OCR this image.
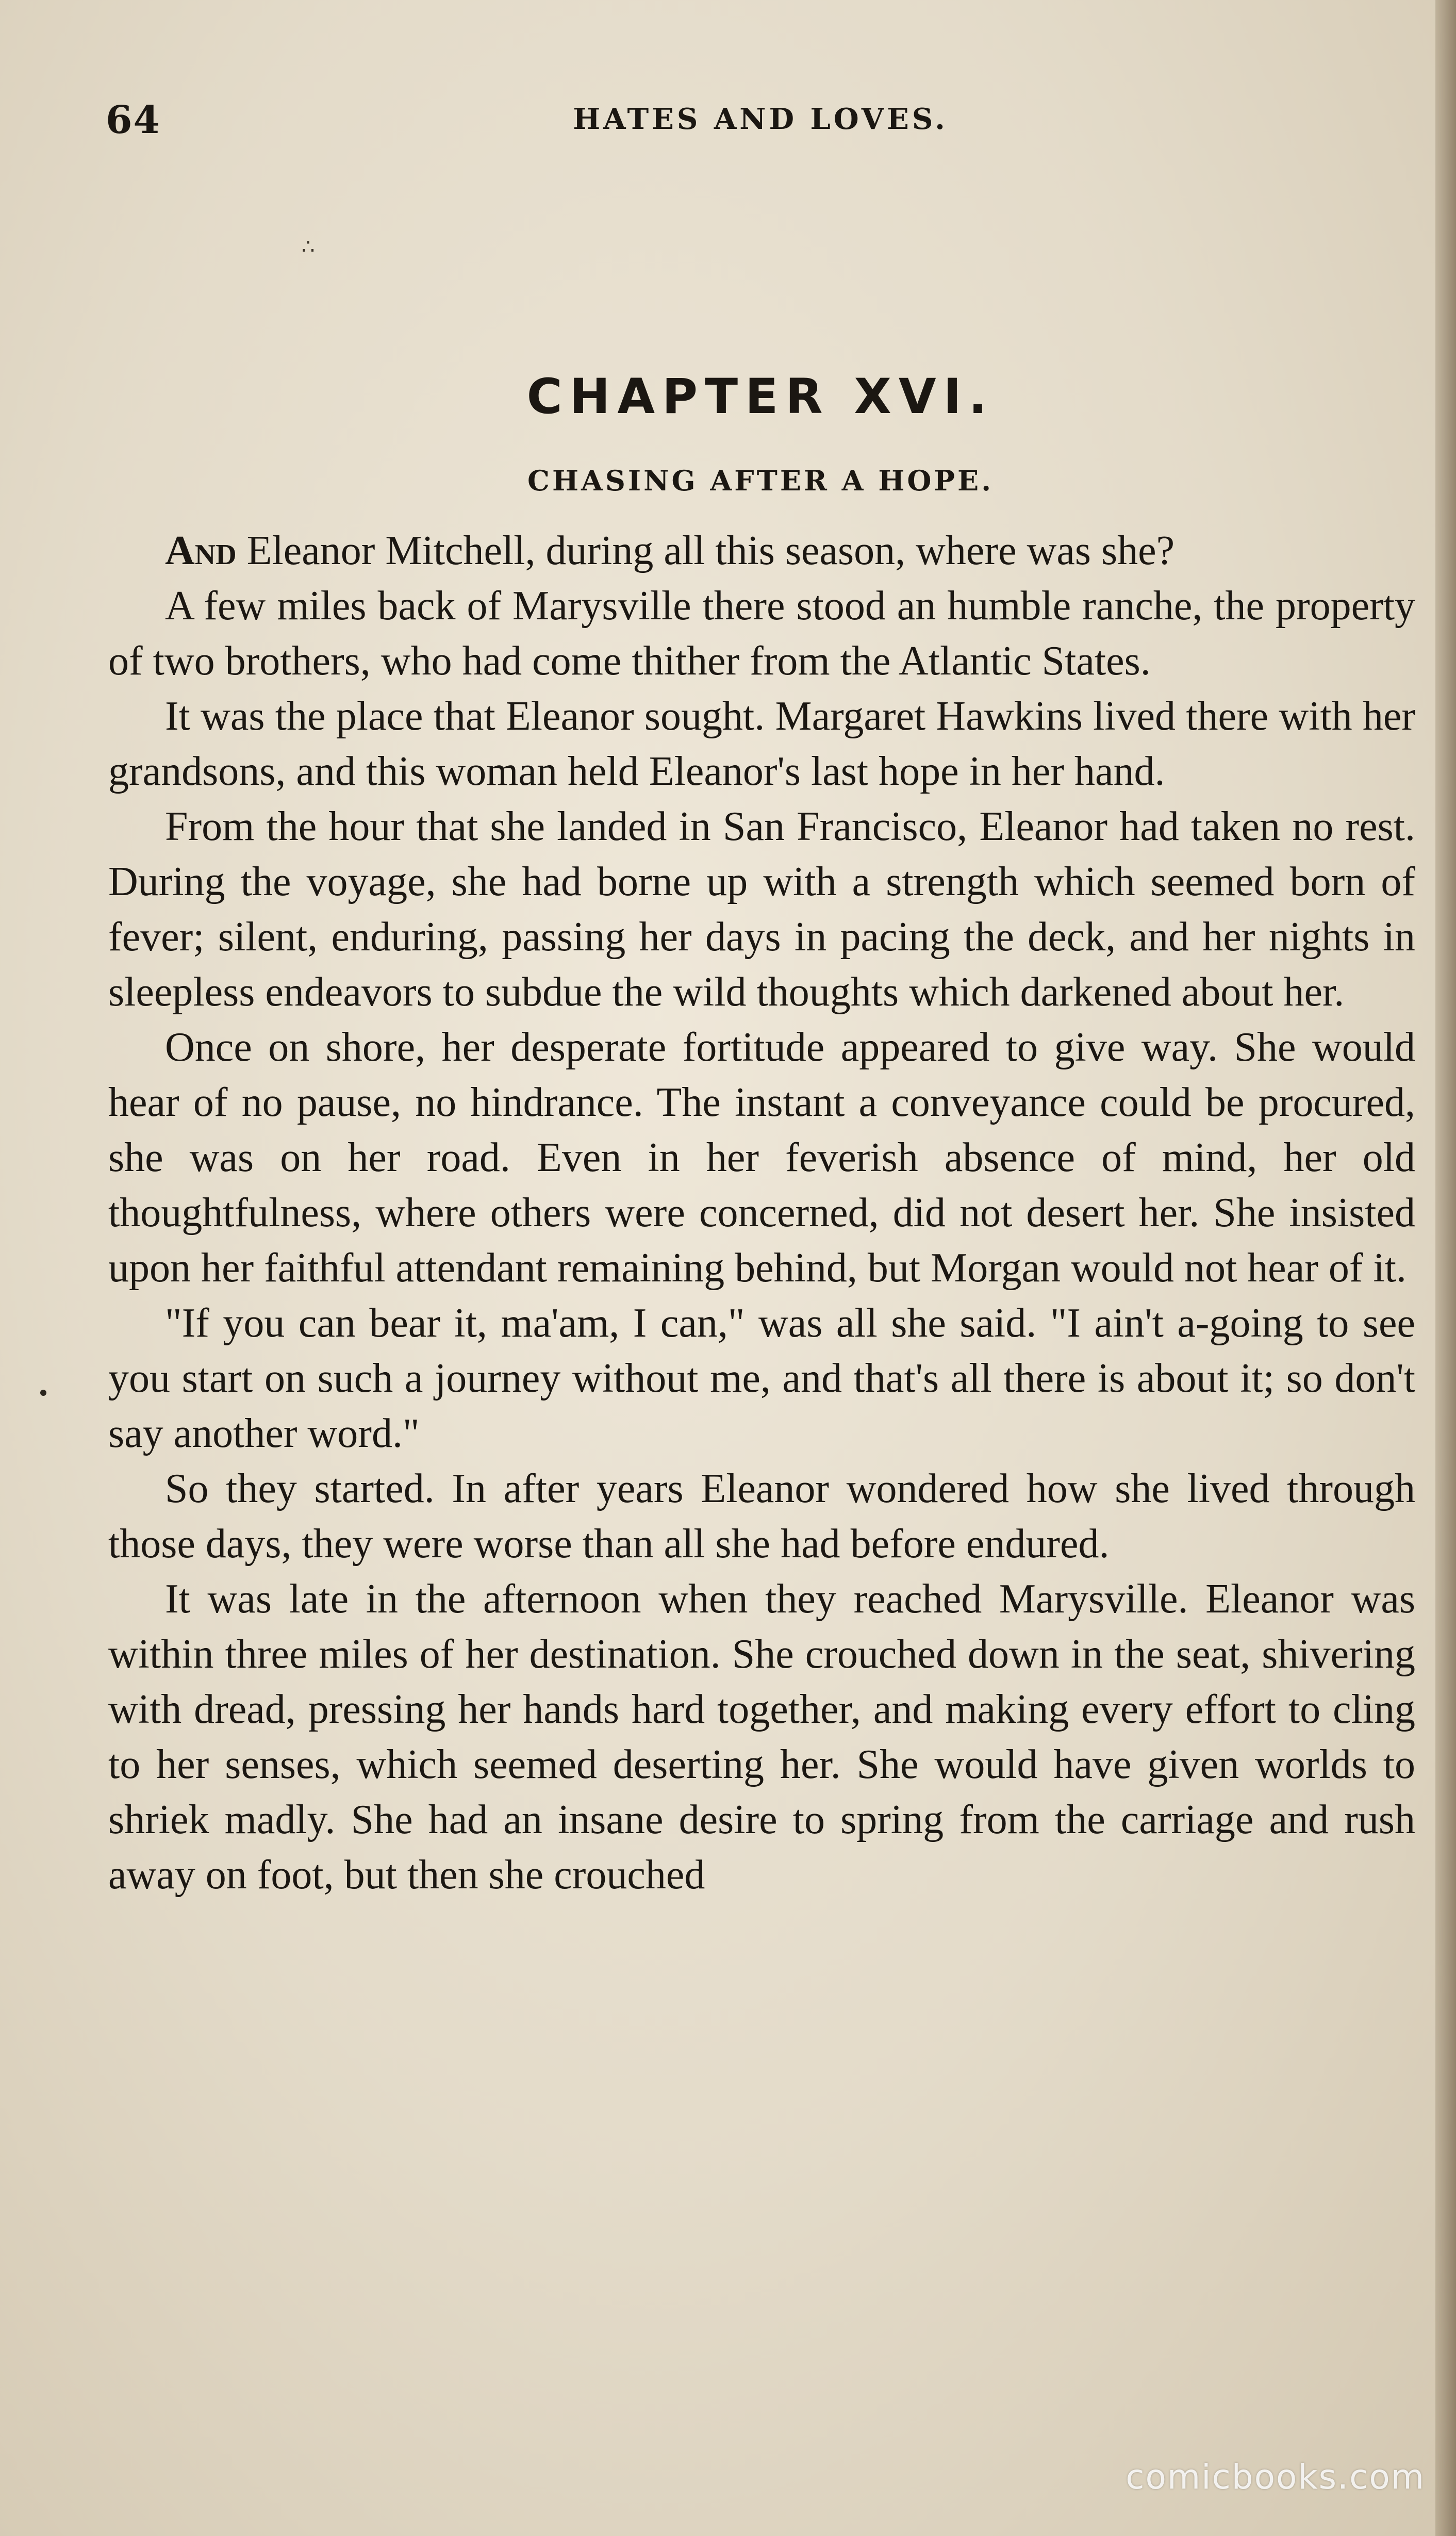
64	HATES AND LOVES.
∴
CHAPTER XVI.
CHASING AFTER A HOPE.

And Eleanor Mitchell, during all this season, where was she?

A few miles back of Marysville there stood an humble ranche, the property of two brothers, who had come thither from the Atlantic States.

It was the place that Eleanor sought. Margaret Hawkins lived there with her grandsons, and this woman held Eleanor's last hope in her hand.

From the hour that she landed in San Francisco, Eleanor had taken no rest. During the voyage, she had borne up with a strength which seemed born of fever; silent, enduring, passing her days in pacing the deck, and her nights in sleepless endeavors to subdue the wild thoughts which darkened about her.

Once on shore, her desperate fortitude appeared to give way. She would hear of no pause, no hindrance. The instant a conveyance could be procured, she was on her road. Even in her feverish absence of mind, her old thoughtfulness, where others were concerned, did not desert her. She insisted upon her faithful attendant remaining behind, but Morgan would not hear of it.

"If you can bear it, ma'am, I can," was all she said. "I ain't a-going to see you start on such a journey without me, and that's all there is about it; so don't say another word."

So they started. In after years Eleanor wondered how she lived through those days, they were worse than all she had before endured.

It was late in the afternoon when they reached Marysville. Eleanor was within three miles of her destination. She crouched down in the seat, shivering with dread, pressing her hands hard together, and making every effort to cling to her senses, which seemed deserting her. She would have given worlds to shriek madly. She had an insane desire to spring from the carriage and rush away on foot, but then she crouched

comicbooks.com
